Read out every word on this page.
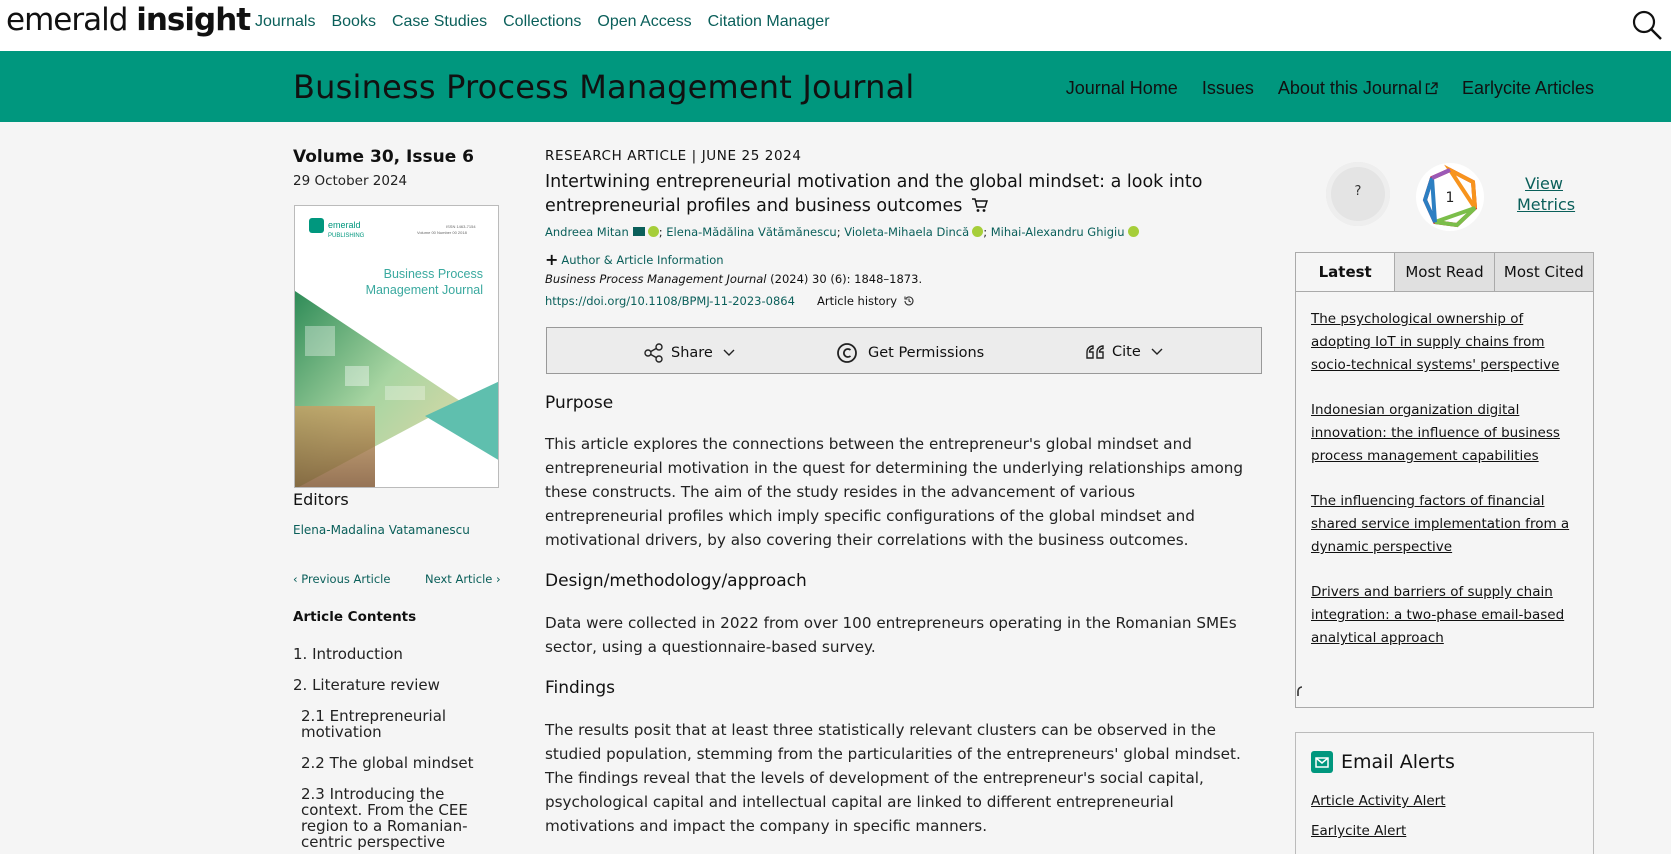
emerald insight Journals Books Case Studies Collections Open Access Citation Manager
Business Process Management Journal	Journal Home Issues About this Journal Earlycite Articles
Volume 30, Issue 6
29 October 2024
emerald
PUBLISHING
ISSN 1463-7154
Volume 00 Number 00 2018
Business Process
Management Journal
Editors
Elena-Madalina Vatamanescu
‹ Previous Article	Next Article ›
Article Contents
1. Introduction
2. Literature review
2.1 Entrepreneurial motivation
2.2 The global mindset
2.3 Introducing the context. From the CEE region to a Romanian-centric perspective
RESEARCH ARTICLE | JUNE 25 2024
Intertwining entrepreneurial motivation and the global mindset: a look into entrepreneurial profiles and business outcomes
Andreea Mitan	; Elena-Mădălina Vătămănescu; Violeta-Mihaela Dincă ; Mihai-Alexandru Ghigiu
+ Author & Article Information
Business Process Management Journal (2024) 30 (6): 1848–1873.
https://doi.org/10.1108/BPMJ-11-2023-0864 Article history
Share	Get Permissions	Cite
Purpose
This article explores the connections between the entrepreneur's global mindset and entrepreneurial motivation in the quest for determining the underlying relationships among these constructs. The aim of the study resides in the advancement of various entrepreneurial profiles which imply specific configurations of the global mindset and motivational drivers, by also covering their correlations with the business outcomes.
Design/methodology/approach
Data were collected in 2022 from over 100 entrepreneurs operating in the Romanian SMEs sector, using a questionnaire-based survey.
Findings
The results posit that at least three statistically relevant clusters can be observed in the studied population, stemming from the particularities of the entrepreneurs' global mindset. The findings reveal that the levels of development of the entrepreneur's social capital, psychological capital and intellectual capital are linked to different entrepreneurial motivations and impact the company in specific manners.
?	1
View Metrics
Latest	Most Read	Most Cited
The psychological ownership of adopting IoT in supply chains from socio-technical systems' perspective
Indonesian organization digital innovation: the influence of business process management capabilities
The influencing factors of financial shared service implementation from a dynamic perspective
Drivers and barriers of supply chain integration: a two-phase email-based analytical approach
Email Alerts
Article Activity Alert
Earlycite Alert
